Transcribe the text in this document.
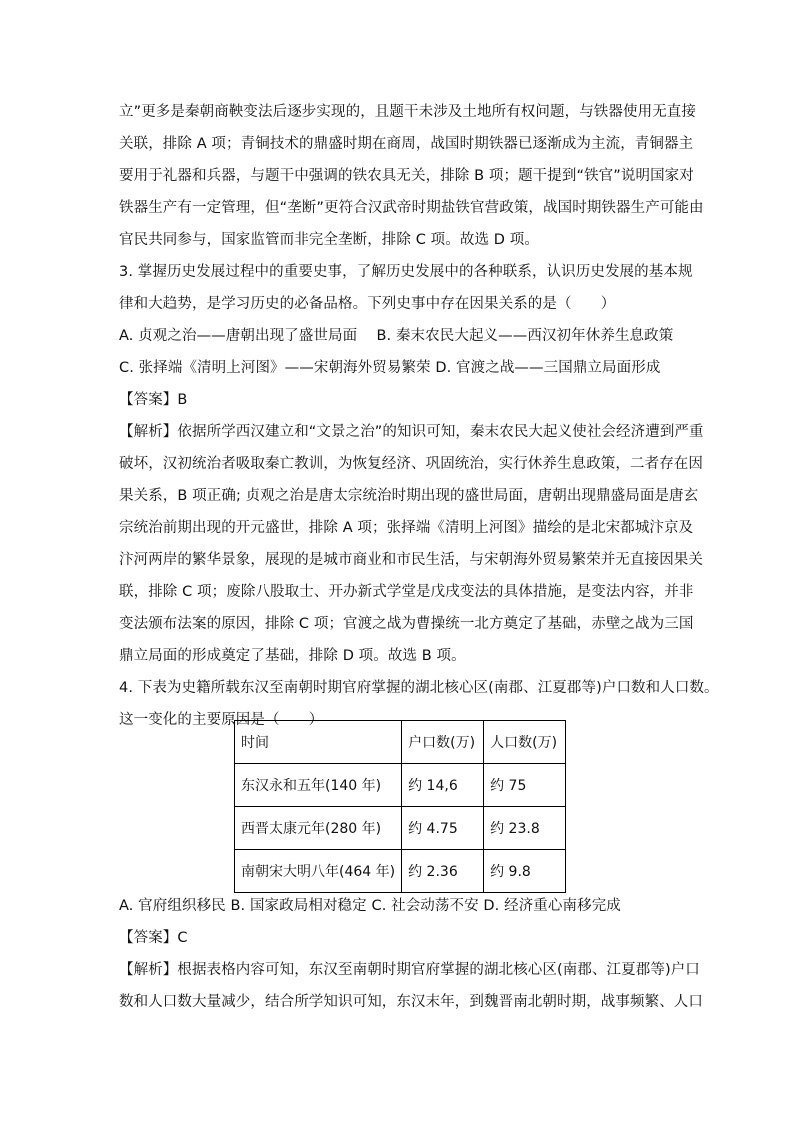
立”更多是秦朝商鞅变法后逐步实现的，且题干未涉及土地所有权问题，与铁器使用无直接
关联，排除 A 项；青铜技术的鼎盛时期在商周，战国时期铁器已逐渐成为主流，青铜器主
要用于礼器和兵器，与题干中强调的铁农具无关，排除 B 项；题干提到“铁官”说明国家对
铁器生产有一定管理，但“垄断”更符合汉武帝时期盐铁官营政策，战国时期铁器生产可能由
官民共同参与，国家监管而非完全垄断，排除 C 项。故选 D 项。
3. 掌握历史发展过程中的重要史事，了解历史发展中的各种联系，认识历史发展的基本规
律和大趋势，是学习历史的必备品格。下列史事中存在因果关系的是（　　）
A. 贞观之治——唐朝出现了盛世局面　 B. 秦末农民大起义——西汉初年休养生息政策
C. 张择端《清明上河图》——宋朝海外贸易繁荣 D. 官渡之战——三国鼎立局面形成
【答案】B
【解析】依据所学西汉建立和“文景之治”的知识可知，秦末农民大起义使社会经济遭到严重
破坏，汉初统治者吸取秦亡教训，为恢复经济、巩固统治，实行休养生息政策，二者存在因
果关系，B 项正确; 贞观之治是唐太宗统治时期出现的盛世局面，唐朝出现鼎盛局面是唐玄
宗统治前期出现的开元盛世，排除 A 项；张择端《清明上河图》描绘的是北宋都城汴京及
汴河两岸的繁华景象，展现的是城市商业和市民生活，与宋朝海外贸易繁荣并无直接因果关
联，排除 C 项；废除八股取士、开办新式学堂是戊戌变法的具体措施，是变法内容，并非
变法颁布法案的原因，排除 C 项；官渡之战为曹操统一北方奠定了基础，赤壁之战为三国
鼎立局面的形成奠定了基础，排除 D 项。故选 B 项。
4. 下表为史籍所载东汉至南朝时期官府掌握的湖北核心区(南郡、江夏郡等)户口数和人口数。
这一变化的主要原因是（　　）
时间	户口数(万)	人口数(万)
东汉永和五年(140 年)	约 14,6	约 75
西晋太康元年(280 年)	约 4.75	约 23.8
南朝宋大明八年(464 年)	约 2.36	约 9.8
A. 官府组织移民 B. 国家政局相对稳定 C. 社会动荡不安 D. 经济重心南移完成
【答案】C
【解析】根据表格内容可知，东汉至南朝时期官府掌握的湖北核心区(南郡、江夏郡等)户口
数和人口数大量减少，结合所学知识可知，东汉末年，到魏晋南北朝时期，战事频繁、人口
